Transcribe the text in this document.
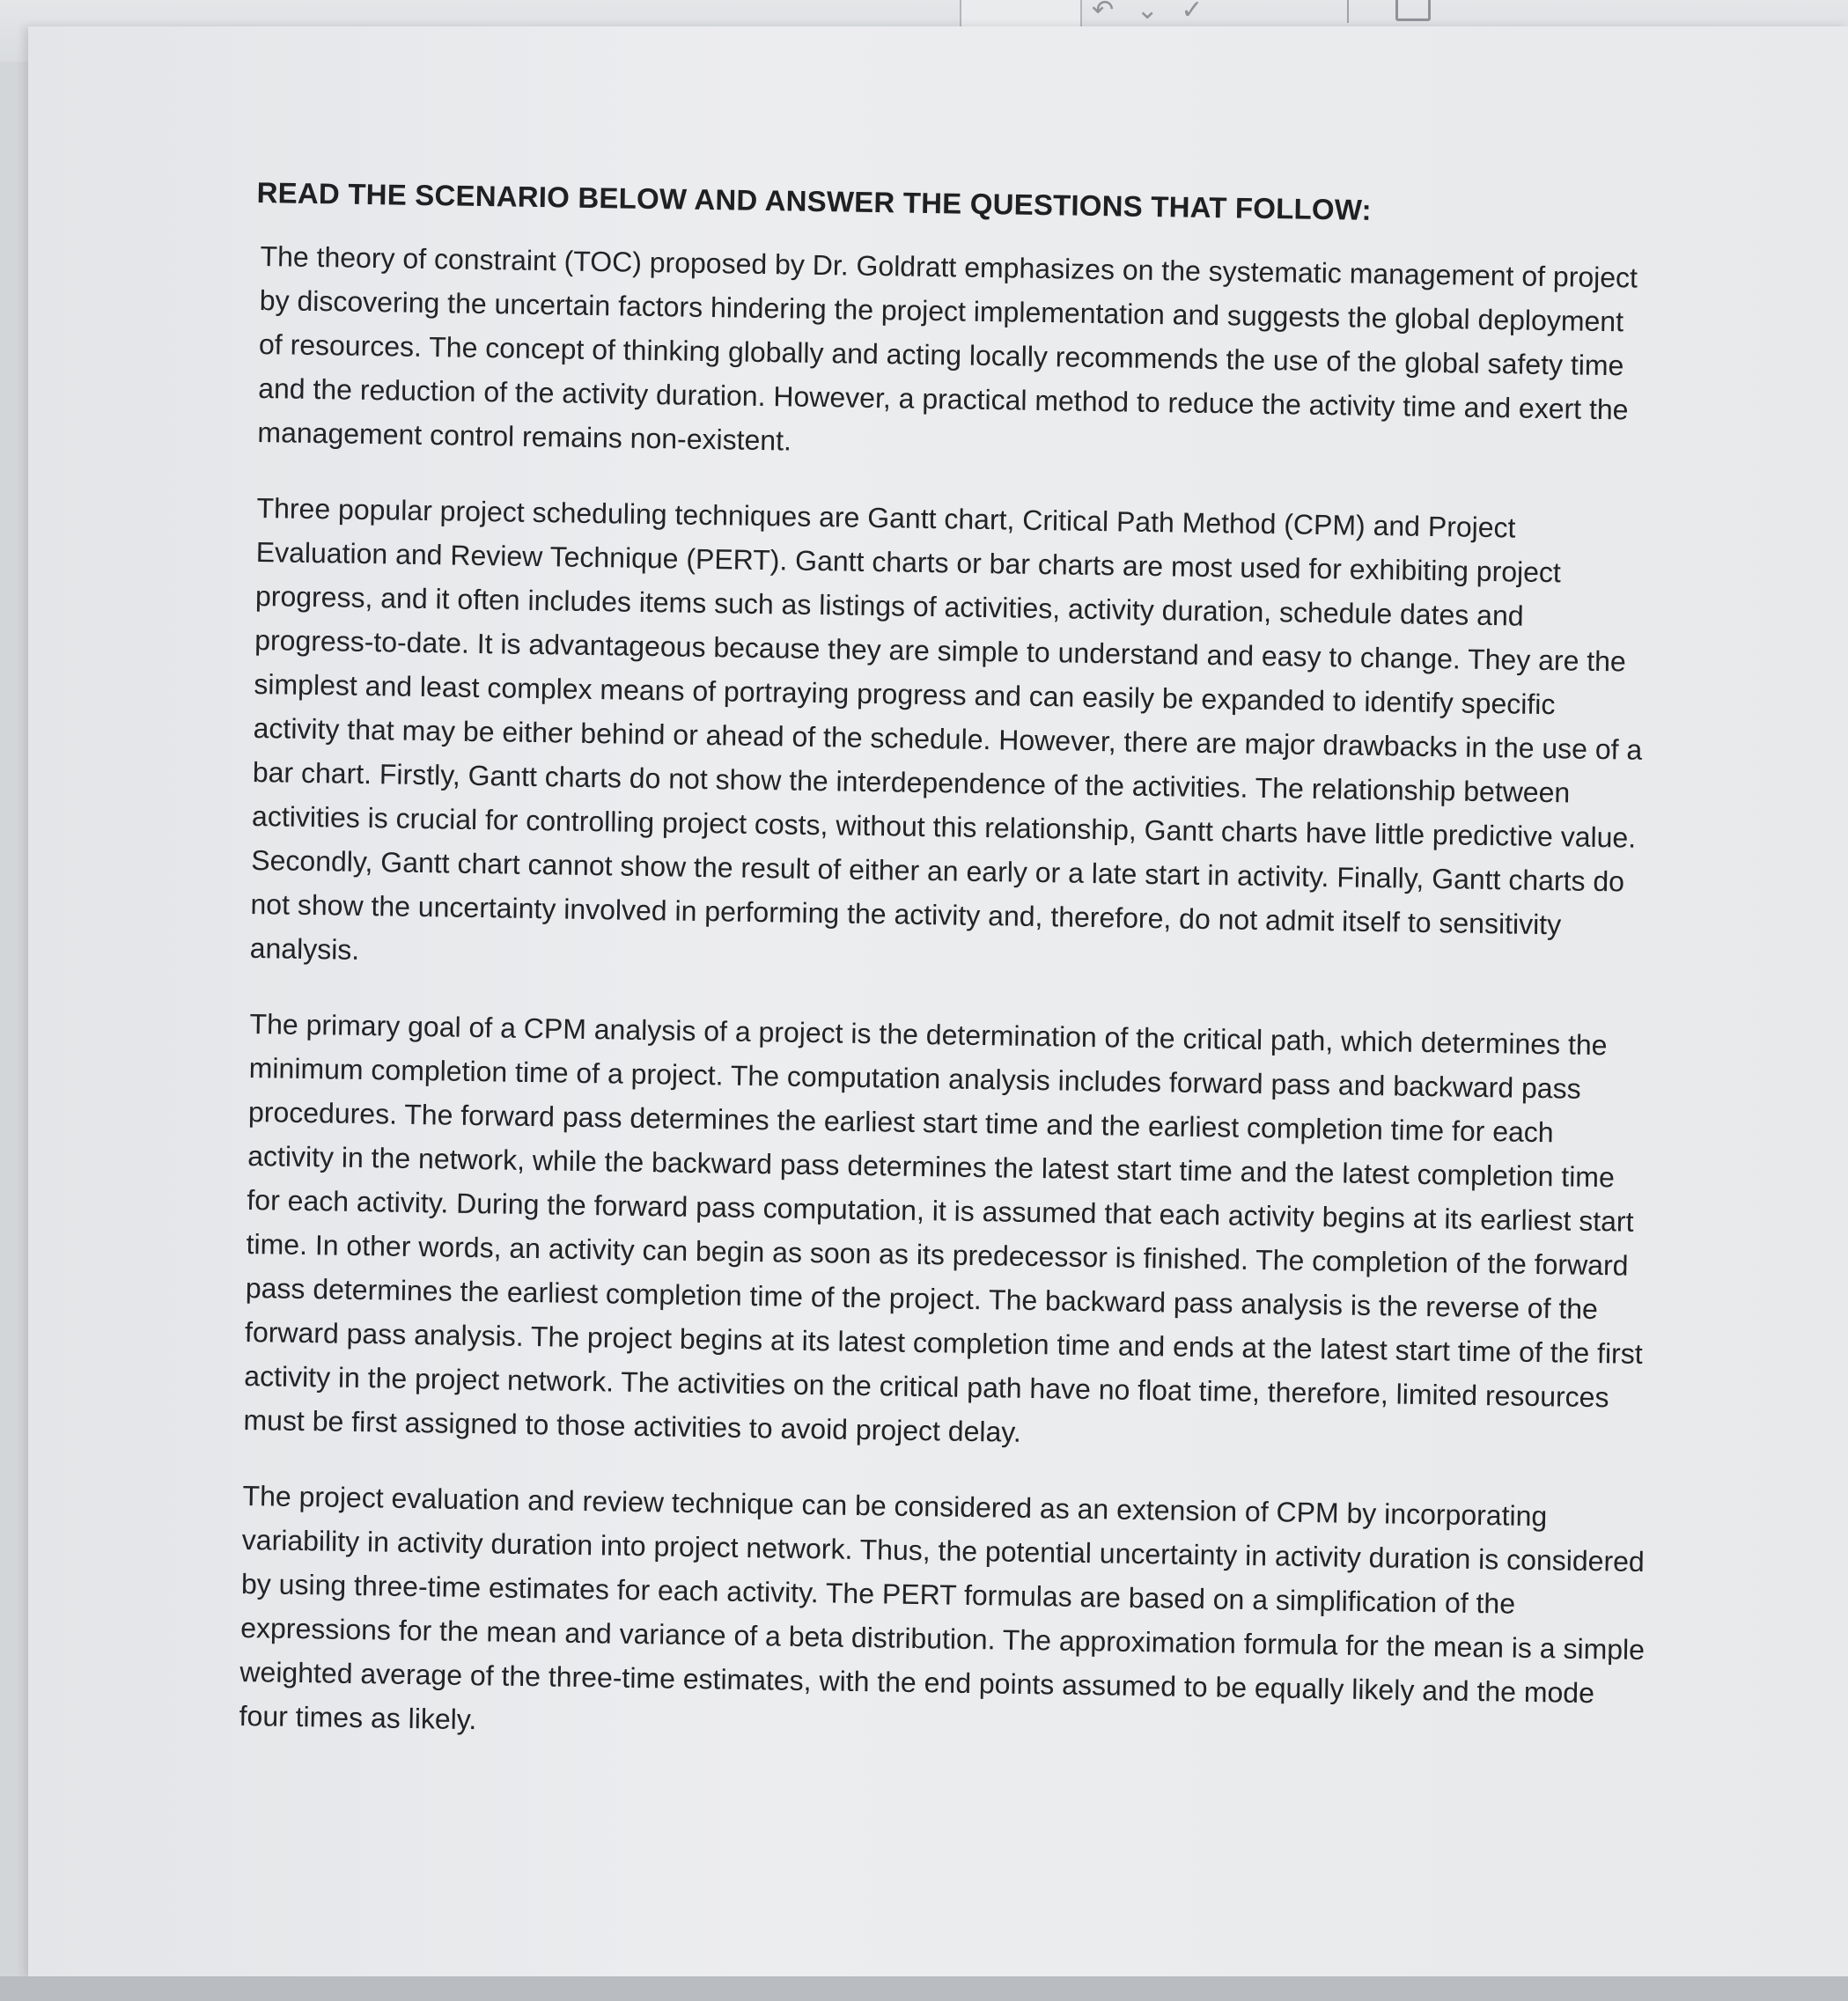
↶ ⌄ ✓
READ THE SCENARIO BELOW AND ANSWER THE QUESTIONS THAT FOLLOW:

The theory of constraint (TOC) proposed by Dr. Goldratt emphasizes on the systematic management of project by discovering the uncertain factors hindering the project implementation and suggests the global deployment of resources. The concept of thinking globally and acting locally recommends the use of the global safety time and the reduction of the activity duration. However, a practical method to reduce the activity time and exert the management control remains non-existent.

Three popular project scheduling techniques are Gantt chart, Critical Path Method (CPM) and Project Evaluation and Review Technique (PERT). Gantt charts or bar charts are most used for exhibiting project progress, and it often includes items such as listings of activities, activity duration, schedule dates and progress-to-date. It is advantageous because they are simple to understand and easy to change. They are the simplest and least complex means of portraying progress and can easily be expanded to identify specific activity that may be either behind or ahead of the schedule. However, there are major drawbacks in the use of a bar chart. Firstly, Gantt charts do not show the interdependence of the activities. The relationship between activities is crucial for controlling project costs, without this relationship, Gantt charts have little predictive value. Secondly, Gantt chart cannot show the result of either an early or a late start in activity. Finally, Gantt charts do not show the uncertainty involved in performing the activity and, therefore, do not admit itself to sensitivity analysis.

The primary goal of a CPM analysis of a project is the determination of the critical path, which determines the minimum completion time of a project. The computation analysis includes forward pass and backward pass procedures. The forward pass determines the earliest start time and the earliest completion time for each activity in the network, while the backward pass determines the latest start time and the latest completion time for each activity. During the forward pass computation, it is assumed that each activity begins at its earliest start time. In other words, an activity can begin as soon as its predecessor is finished. The completion of the forward pass determines the earliest completion time of the project. The backward pass analysis is the reverse of the forward pass analysis. The project begins at its latest completion time and ends at the latest start time of the first activity in the project network. The activities on the critical path have no float time, therefore, limited resources must be first assigned to those activities to avoid project delay.

The project evaluation and review technique can be considered as an extension of CPM by incorporating variability in activity duration into project network. Thus, the potential uncertainty in activity duration is considered by using three-time estimates for each activity. The PERT formulas are based on a simplification of the expressions for the mean and variance of a beta distribution. The approximation formula for the mean is a simple weighted average of the three-time estimates, with the end points assumed to be equally likely and the mode four times as likely.
